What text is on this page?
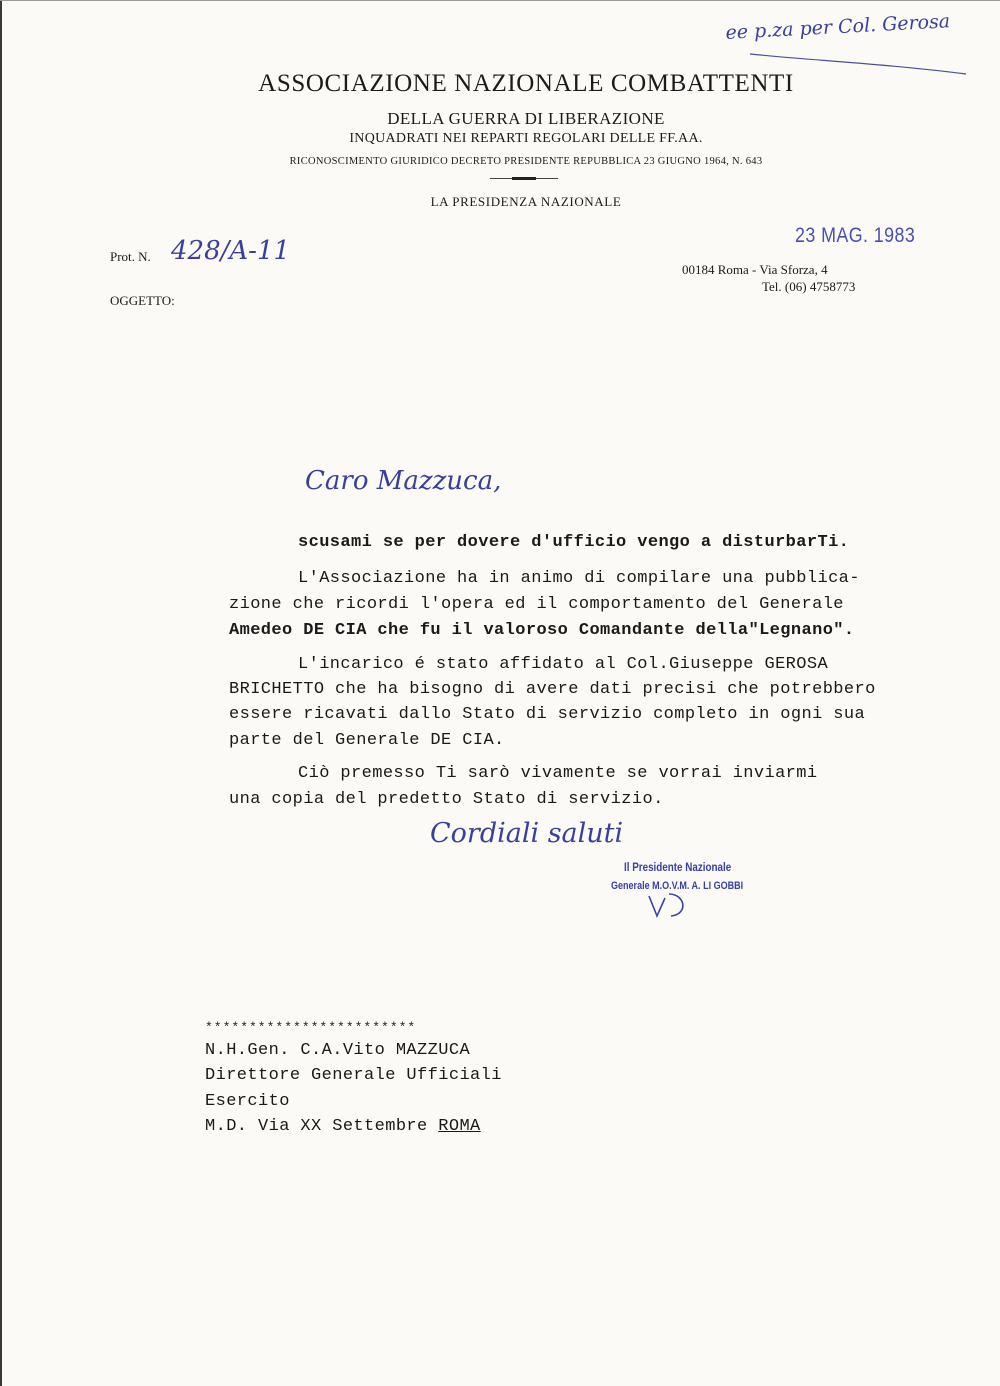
ee p.za per Col. Gerosa
ASSOCIAZIONE NAZIONALE COMBATTENTI
DELLA GUERRA DI LIBERAZIONE
INQUADRATI NEI REPARTI REGOLARI DELLE FF.AA.
RICONOSCIMENTO GIURIDICO DECRETO PRESIDENTE REPUBBLICA 23 GIUGNO 1964, N. 643
LA PRESIDENZA NAZIONALE
Prot. N. 428/A-11
OGGETTO:
23 MAG. 1983
00184 Roma - Via Sforza, 4
Tel. (06) 4758773
Caro Mazzuca,
scusami se per dovere d'ufficio vengo a disturbarTi.
L'Associazione ha in animo di compilare una pubblica-
zione che ricordi l'opera ed il comportamento del Generale
Amedeo DE CIA che fu il valoroso Comandante della"Legnano".
L'incarico é stato affidato al Col.Giuseppe GEROSA
BRICHETTO che ha bisogno di avere dati precisi che potrebbero
essere ricavati dallo Stato di servizio completo in ogni sua
parte del Generale DE CIA.
Ciò premesso Ti sarò vivamente se vorrai inviarmi
una copia del predetto Stato di servizio.
Cordiali saluti
Il Presidente Nazionale
Generale M.O.V.M. A. LI GOBBI
************************
N.H.Gen. C.A.Vito MAZZUCA
Direttore Generale Ufficiali
Esercito
M.D. Via XX Settembre ROMA
